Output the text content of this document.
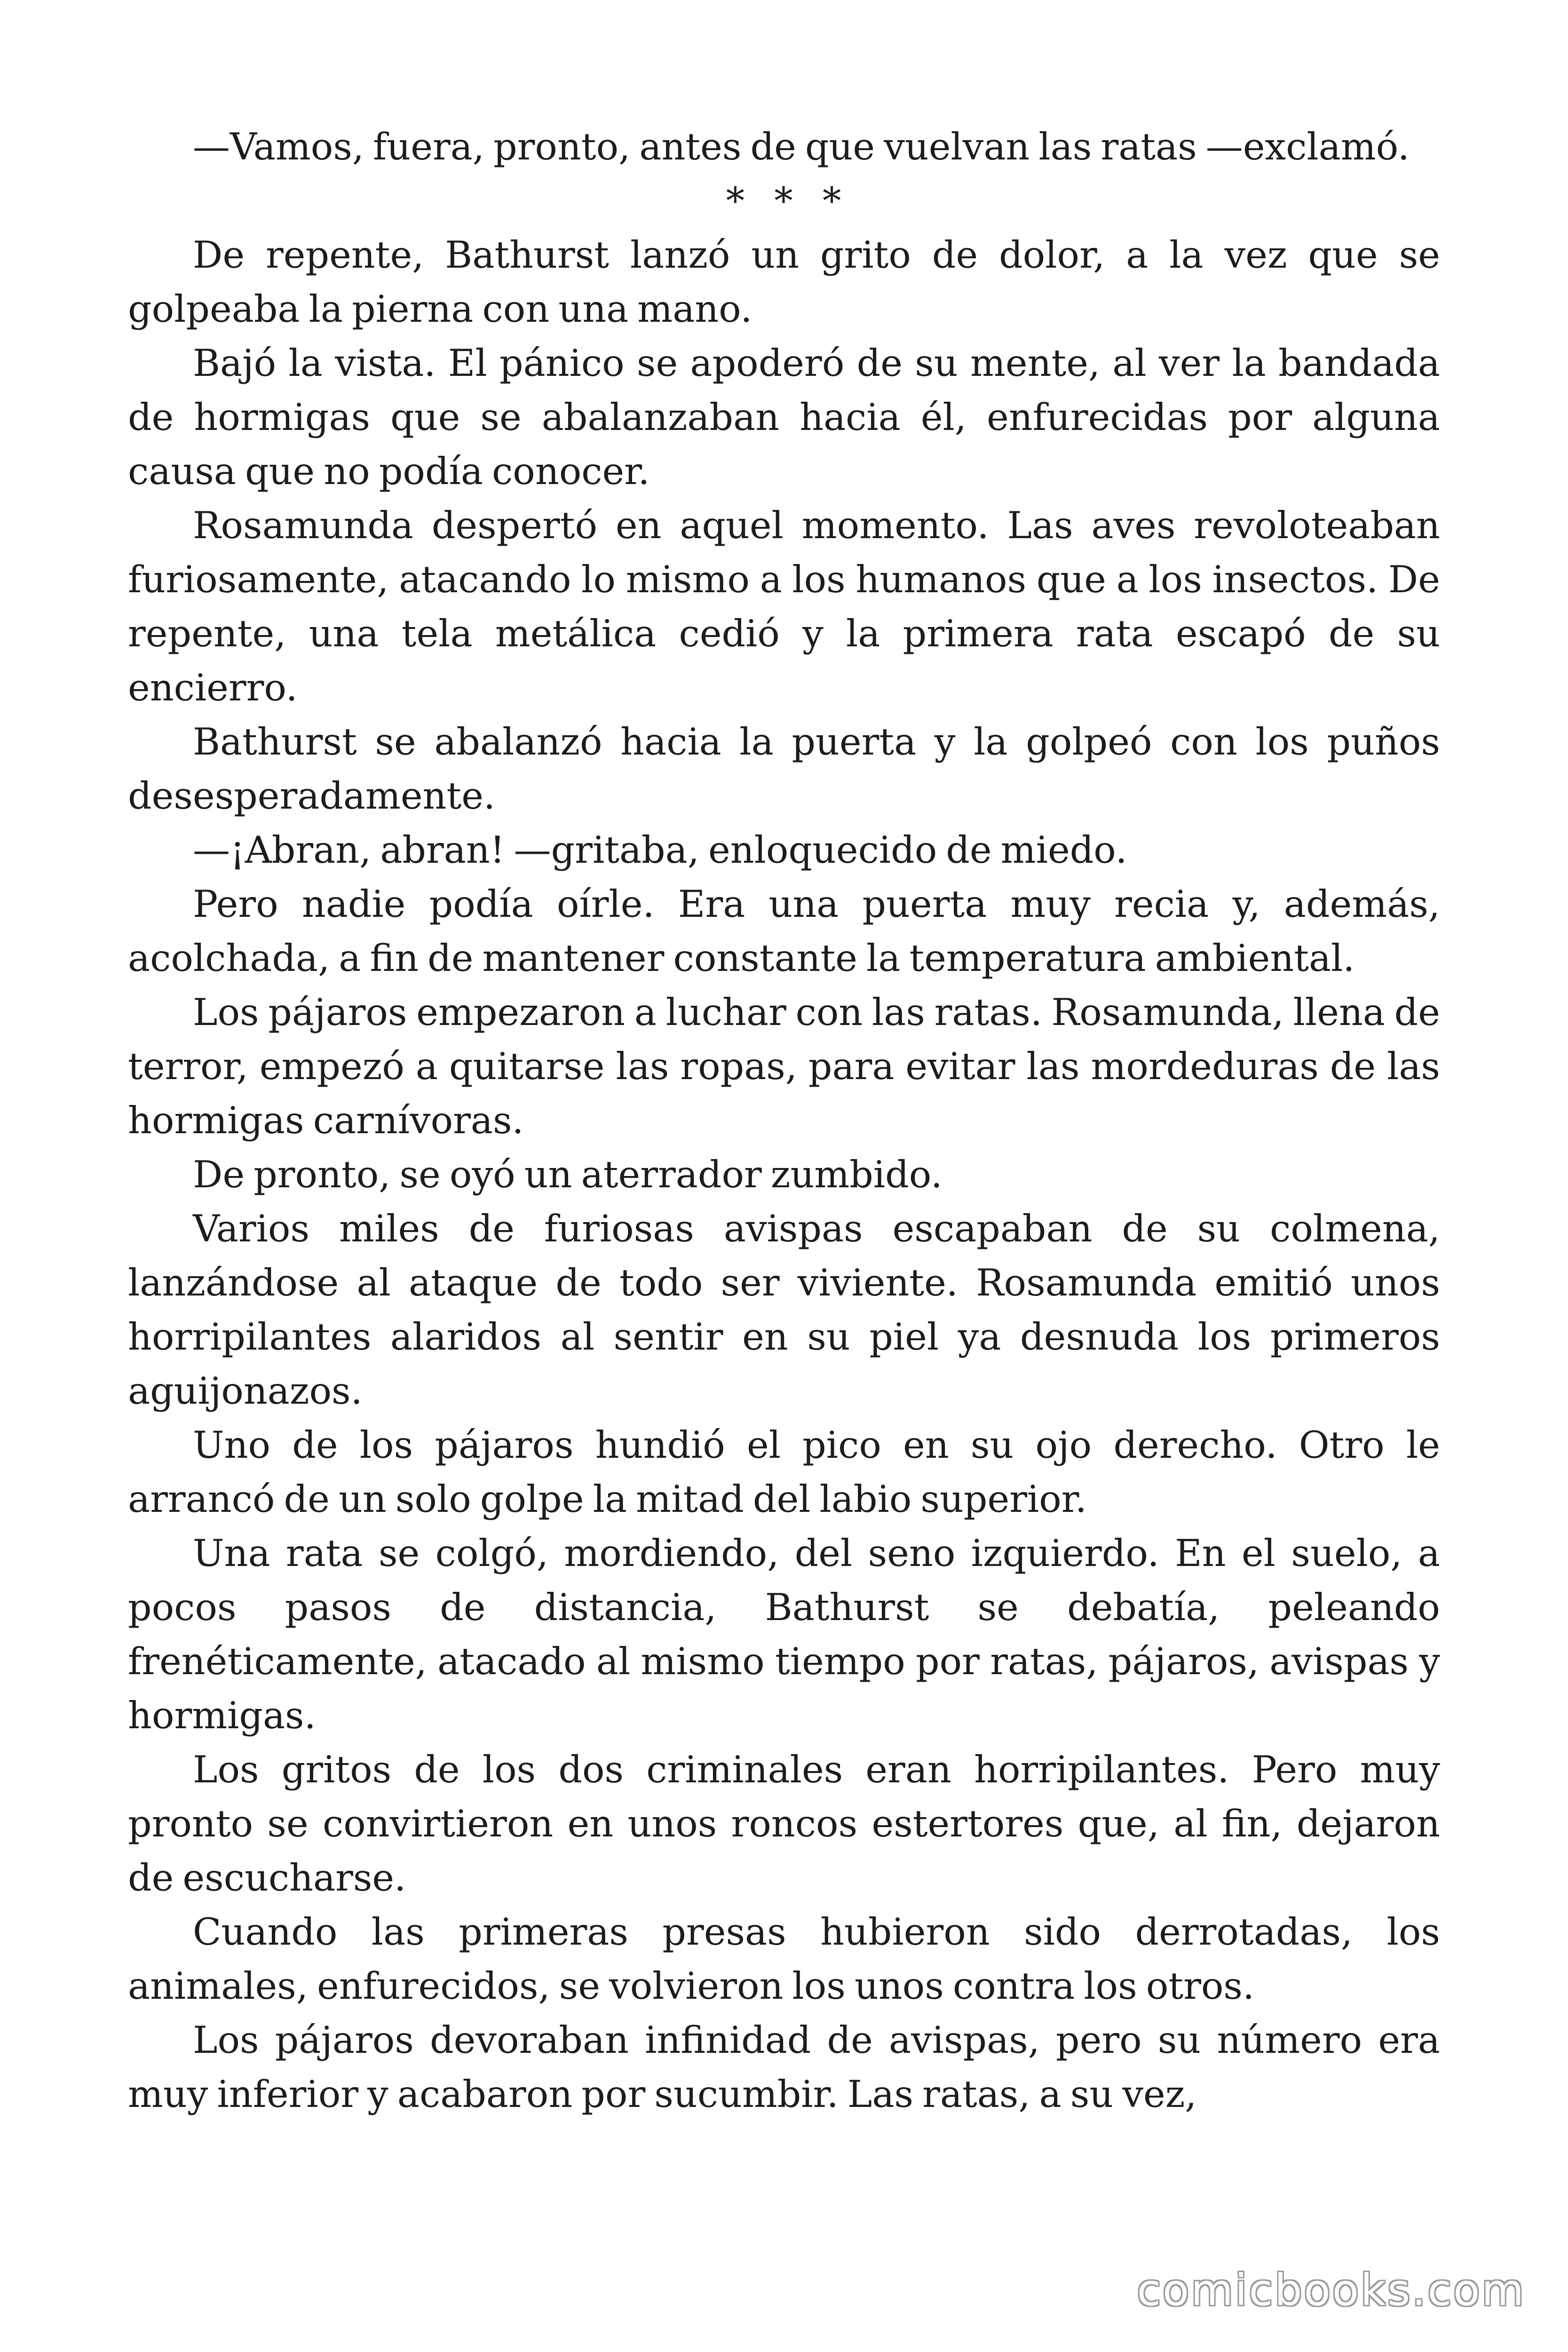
—Vamos, fuera, pronto, antes de que vuelvan las ratas —exclamó.

* * *

De repente, Bathurst lanzó un grito de dolor, a la vez que se golpeaba la pierna con una mano.

Bajó la vista. El pánico se apoderó de su mente, al ver la bandada de hormigas que se abalanzaban hacia él, enfurecidas por alguna causa que no podía conocer.

Rosamunda despertó en aquel momento. Las aves revoloteaban furiosamente, atacando lo mismo a los humanos que a los insectos. De repente, una tela metálica cedió y la primera rata escapó de su encierro.

Bathurst se abalanzó hacia la puerta y la golpeó con los puños desesperadamente.

—¡Abran, abran! —gritaba, enloquecido de miedo.

Pero nadie podía oírle. Era una puerta muy recia y, además, acolchada, a fin de mantener constante la temperatura ambiental.

Los pájaros empezaron a luchar con las ratas. Rosamunda, llena de terror, empezó a quitarse las ropas, para evitar las mordeduras de las hormigas carnívoras.

De pronto, se oyó un aterrador zumbido.

Varios miles de furiosas avispas escapaban de su colmena, lanzándose al ataque de todo ser viviente. Rosamunda emitió unos horripilantes alaridos al sentir en su piel ya desnuda los primeros aguijonazos.

Uno de los pájaros hundió el pico en su ojo derecho. Otro le arrancó de un solo golpe la mitad del labio superior.

Una rata se colgó, mordiendo, del seno izquierdo. En el suelo, a pocos pasos de distancia, Bathurst se debatía, peleando frenéticamente, atacado al mismo tiempo por ratas, pájaros, avispas y hormigas.

Los gritos de los dos criminales eran horripilantes. Pero muy pronto se convirtieron en unos roncos estertores que, al fin, dejaron de escucharse.

Cuando las primeras presas hubieron sido derrotadas, los animales, enfurecidos, se volvieron los unos contra los otros.

Los pájaros devoraban infinidad de avispas, pero su número era muy inferior y acabaron por sucumbir. Las ratas, a su vez,

comicbooks.com
